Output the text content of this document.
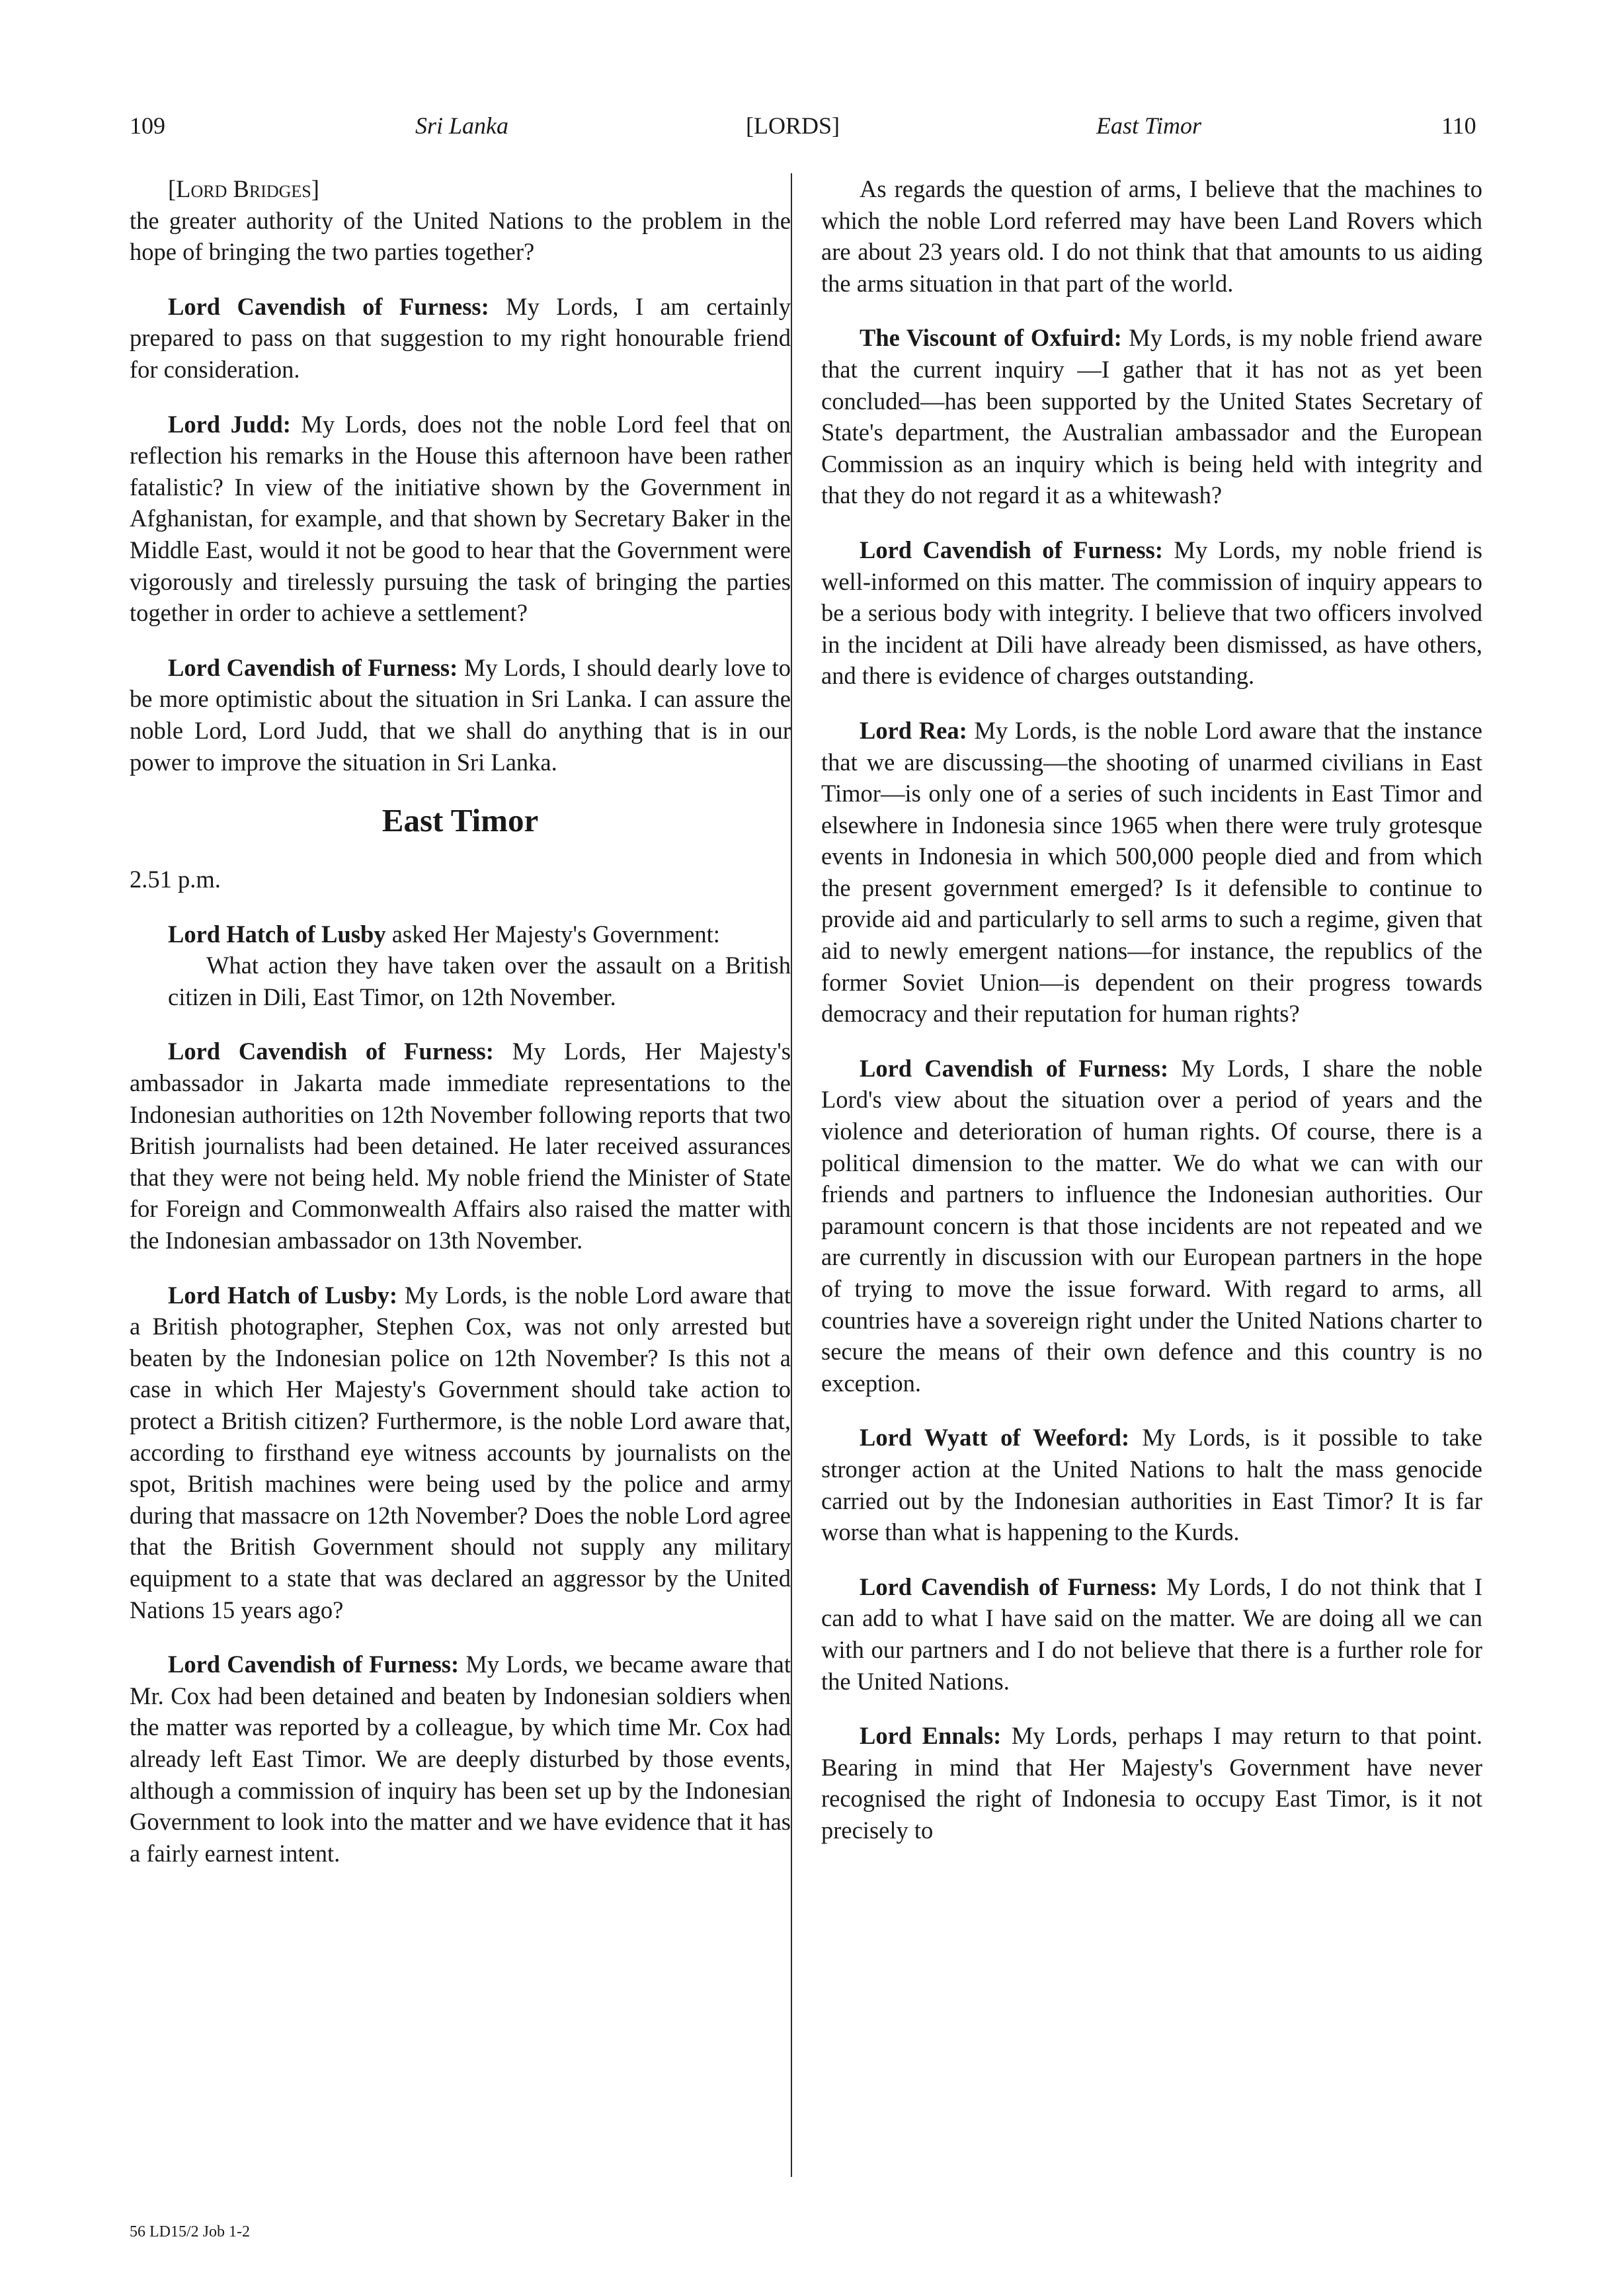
109	Sri Lanka	[LORDS]	East Timor	110
[Lord Bridges]

the greater authority of the United Nations to the problem in the hope of bringing the two parties together?

Lord Cavendish of Furness: My Lords, I am certainly prepared to pass on that suggestion to my right honourable friend for consideration.

Lord Judd: My Lords, does not the noble Lord feel that on reflection his remarks in the House this afternoon have been rather fatalistic? In view of the initiative shown by the Government in Afghanistan, for example, and that shown by Secretary Baker in the Middle East, would it not be good to hear that the Government were vigorously and tirelessly pursuing the task of bringing the parties together in order to achieve a settlement?

Lord Cavendish of Furness: My Lords, I should dearly love to be more optimistic about the situation in Sri Lanka. I can assure the noble Lord, Lord Judd, that we shall do anything that is in our power to improve the situation in Sri Lanka.

East Timor
2.51 p.m.

Lord Hatch of Lusby asked Her Majesty's Government:

What action they have taken over the assault on a British citizen in Dili, East Timor, on 12th November.

Lord Cavendish of Furness: My Lords, Her Majesty's ambassador in Jakarta made immediate representations to the Indonesian authorities on 12th November following reports that two British journalists had been detained. He later received assurances that they were not being held. My noble friend the Minister of State for Foreign and Commonwealth Affairs also raised the matter with the Indonesian ambassador on 13th November.

Lord Hatch of Lusby: My Lords, is the noble Lord aware that a British photographer, Stephen Cox, was not only arrested but beaten by the Indonesian police on 12th November? Is this not a case in which Her Majesty's Government should take action to protect a British citizen? Furthermore, is the noble Lord aware that, according to firsthand eye witness accounts by journalists on the spot, British machines were being used by the police and army during that massacre on 12th November? Does the noble Lord agree that the British Government should not supply any military equipment to a state that was declared an aggressor by the United Nations 15 years ago?

Lord Cavendish of Furness: My Lords, we became aware that Mr. Cox had been detained and beaten by Indonesian soldiers when the matter was reported by a colleague, by which time Mr. Cox had already left East Timor. We are deeply disturbed by those events, although a commission of inquiry has been set up by the Indonesian Government to look into the matter and we have evidence that it has a fairly earnest intent.

As regards the question of arms, I believe that the machines to which the noble Lord referred may have been Land Rovers which are about 23 years old. I do not think that that amounts to us aiding the arms situation in that part of the world.

The Viscount of Oxfuird: My Lords, is my noble friend aware that the current inquiry —I gather that it has not as yet been concluded—has been supported by the United States Secretary of State's department, the Australian ambassador and the European Commission as an inquiry which is being held with integrity and that they do not regard it as a whitewash?

Lord Cavendish of Furness: My Lords, my noble friend is well-informed on this matter. The commission of inquiry appears to be a serious body with integrity. I believe that two officers involved in the incident at Dili have already been dismissed, as have others, and there is evidence of charges outstanding.

Lord Rea: My Lords, is the noble Lord aware that the instance that we are discussing—the shooting of unarmed civilians in East Timor—is only one of a series of such incidents in East Timor and elsewhere in Indonesia since 1965 when there were truly grotesque events in Indonesia in which 500,000 people died and from which the present government emerged? Is it defensible to continue to provide aid and particularly to sell arms to such a regime, given that aid to newly emergent nations—for instance, the republics of the former Soviet Union—is dependent on their progress towards democracy and their reputation for human rights?

Lord Cavendish of Furness: My Lords, I share the noble Lord's view about the situation over a period of years and the violence and deterioration of human rights. Of course, there is a political dimension to the matter. We do what we can with our friends and partners to influence the Indonesian authorities. Our paramount concern is that those incidents are not repeated and we are currently in discussion with our European partners in the hope of trying to move the issue forward. With regard to arms, all countries have a sovereign right under the United Nations charter to secure the means of their own defence and this country is no exception.

Lord Wyatt of Weeford: My Lords, is it possible to take stronger action at the United Nations to halt the mass genocide carried out by the Indonesian authorities in East Timor? It is far worse than what is happening to the Kurds.

Lord Cavendish of Furness: My Lords, I do not think that I can add to what I have said on the matter. We are doing all we can with our partners and I do not believe that there is a further role for the United Nations.

Lord Ennals: My Lords, perhaps I may return to that point. Bearing in mind that Her Majesty's Government have never recognised the right of Indonesia to occupy East Timor, is it not precisely to

56 LD15/2 Job 1-2
